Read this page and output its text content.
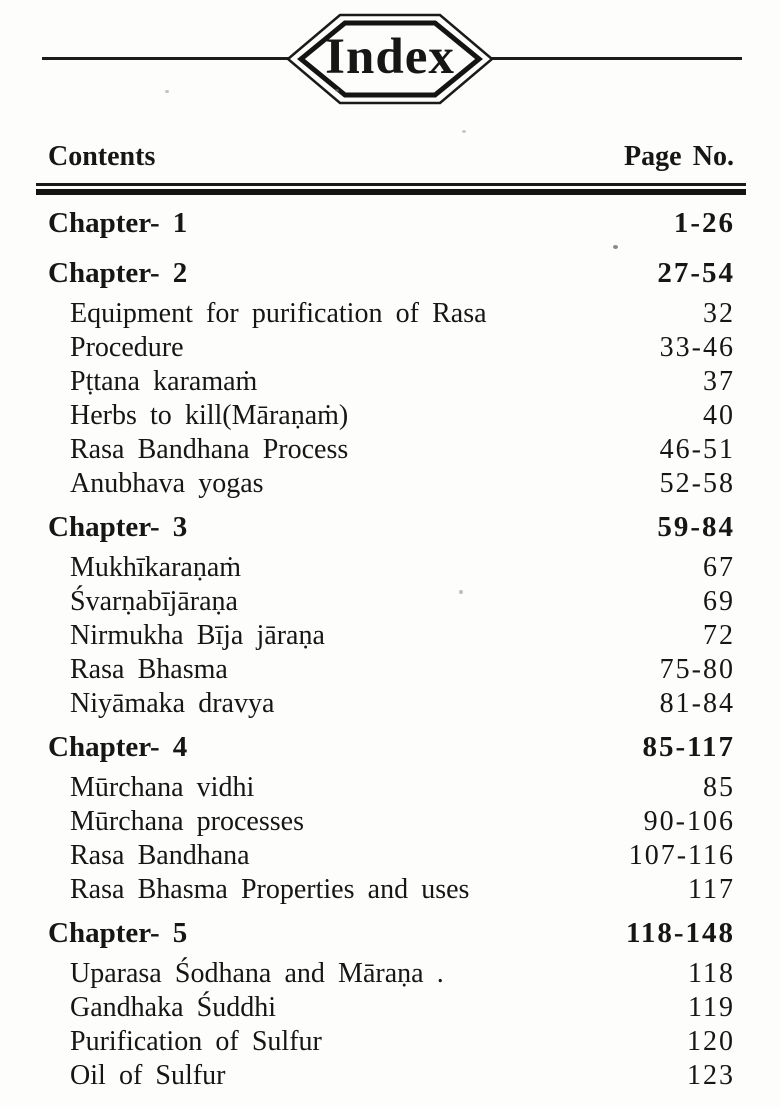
Index
Contents	Page No.
Chapter- 1	1-26
Chapter- 2	27-54
Equipment for purification of Rasa	32
Procedure	33-46
Pṭtana karamaṁ	37
Herbs to kill(Māraṇaṁ)	40
Rasa Bandhana Process	46-51
Anubhava yogas	52-58
Chapter- 3	59-84
Mukhīkaraṇaṁ	67
Śvarṇabījāraṇa	69
Nirmukha Bīja jāraṇa	72
Rasa Bhasma	75-80
Niyāmaka dravya	81-84
Chapter- 4	85-117
Mūrchana vidhi	85
Mūrchana processes	90-106
Rasa Bandhana	107-116
Rasa Bhasma Properties and uses	117
Chapter- 5	118-148
Uparasa Śodhana and Māraṇa .	118
Gandhaka Śuddhi	119
Purification of Sulfur	120
Oil of Sulfur	123
